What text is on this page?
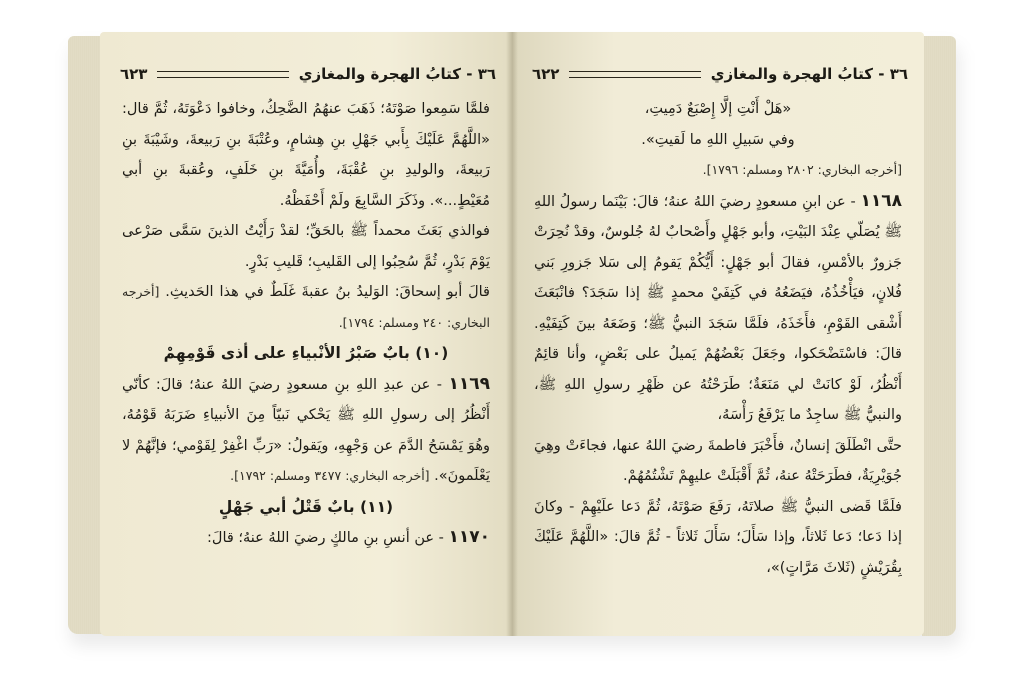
٣٦ - كتابُ الهجرة والمغازي
٦٢٣

فلمَّا سَمِعوا صَوْتَهُ؛ ذَهَبَ عنهُمُ الضَّحِكُ، وخافوا دَعْوَتَهُ، ثُمَّ قال: «اللَّهُمَّ عَلَيْكَ بِأَبي جَهْلِ بنِ هِشامٍ، وعُتْبَةَ بنِ رَبيعةَ، وشَيْبَةَ بنِ رَبيعةَ، والوليدِ بنِ عُقْبَةَ، وأُمَيَّةَ بنِ خَلَفٍ، وعُقبةَ بنِ أبي مُعَيْطٍ...». وذَكَرَ السَّابِعَ ولَمْ أَحْفَظْهُ.

فوالذي بَعَثَ محمداً ﷺ بالحَقِّ؛ لقدْ رَأَيْتُ الذينَ سَمَّى صَرْعى يَوْمَ بَدْرٍ، ثُمَّ سُحِبُوا إلى القَليبِ؛ قَليبِ بَدْرٍ.

قالَ أبو إسحاقَ: الوَليدُ بنُ عقبةَ غَلَطٌ في هذا الحَديثِ. [أخرجه البخاري: ٢٤٠ ومسلم: ١٧٩٤].

(١٠) بابٌ صَبْرُ الأنْبياءِ على أذى قَوْمِهِمْ

١١٦٩ - عن عبدِ اللهِ بنِ مسعودٍ رضيَ اللهُ عنهُ؛ قالَ: كأنّي أَنْظُرُ إلى رسولِ اللهِ ﷺ يَحْكي نَبيّاً مِنَ الأنبياءِ ضَرَبَهُ قَوْمُهُ، وهُوَ يَمْسَحُ الدَّمَ عن وَجْهِهِ، ويَقولُ: «رَبِّ اغْفِرْ لِقَوْمي؛ فإنَّهُمْ لا يَعْلَمونَ». [أخرجه البخاري: ٣٤٧٧ ومسلم: ١٧٩٢].

(١١) بابٌ قَتْلُ أبي جَهْلٍ

١١٧٠ - عن أنسِ بنِ مالكٍ رضيَ اللهُ عنهُ؛ قالَ:

٣٦ - كتابُ الهجرة والمغازي
٦٢٢

«هَلْ أَنْتِ إلَّا إِصْبَعٌ دَمِيتِ،

وفي سَبيلِ اللهِ ما لَقيتِ».

[أخرجه البخاري: ٢٨٠٢ ومسلم: ١٧٩٦].

١١٦٨ - عن ابنِ مسعودٍ رضيَ اللهُ عنهُ؛ قالَ: بَيْنَما رسولُ اللهِ ﷺ يُصَلّي عِنْدَ البَيْتِ، وأبو جَهْلٍ وأَصْحابٌ لهُ جُلوسٌ، وقدْ نُحِرَتْ جَزورٌ بالأمْسِ، فقالَ أبو جَهْلٍ: أَيُّكُمْ يَقومُ إلى سَلا جَزورِ بَني فُلانٍ، فيَأْخُذُهُ، فيَضَعُهُ في كَتِفَيْ محمدٍ ﷺ إذا سَجَدَ؟ فانْبَعَثَ أَشْقى القَوْمِ، فأَخَذَهُ، فلَمَّا سَجَدَ النبيُّ ﷺ؛ وَضَعَهُ بينَ كَتِفَيْهِ. قالَ: فاسْتَضْحَكوا، وجَعَلَ بَعْضُهُمْ يَميلُ على بَعْضٍ، وأنا قائِمٌ أَنْظُرُ، لَوْ كانَتْ لي مَنَعَةٌ؛ طَرَحْتُهُ عن ظَهْرِ رسولِ اللهِ ﷺ، والنبيُّ ﷺ ساجِدٌ ما يَرْفَعُ رَأْسَهُ،

حتَّى انْطَلَقَ إنسانٌ، فأَخْبَرَ فاطمةَ رضيَ اللهُ عنها، فجاءَتْ وهِيَ جُوَيْرِيَةٌ، فطَرَحَتْهُ عنهُ، ثُمَّ أَقْبَلَتْ عليهِمْ تَشْتُمُهُمْ.

فلَمَّا قَضى النبيُّ ﷺ صلاتَهُ، رَفَعَ صَوْتَهُ، ثُمَّ دَعا علَيْهِمْ - وكانَ إذا دَعا؛ دَعا ثَلاثاً، وإذا سَأَلَ؛ سَأَلَ ثَلاثاً - ثُمَّ قالَ: «اللَّهُمَّ عَلَيْكَ بِقُرَيْشٍ (ثَلاثَ مَرَّاتٍ)»،
